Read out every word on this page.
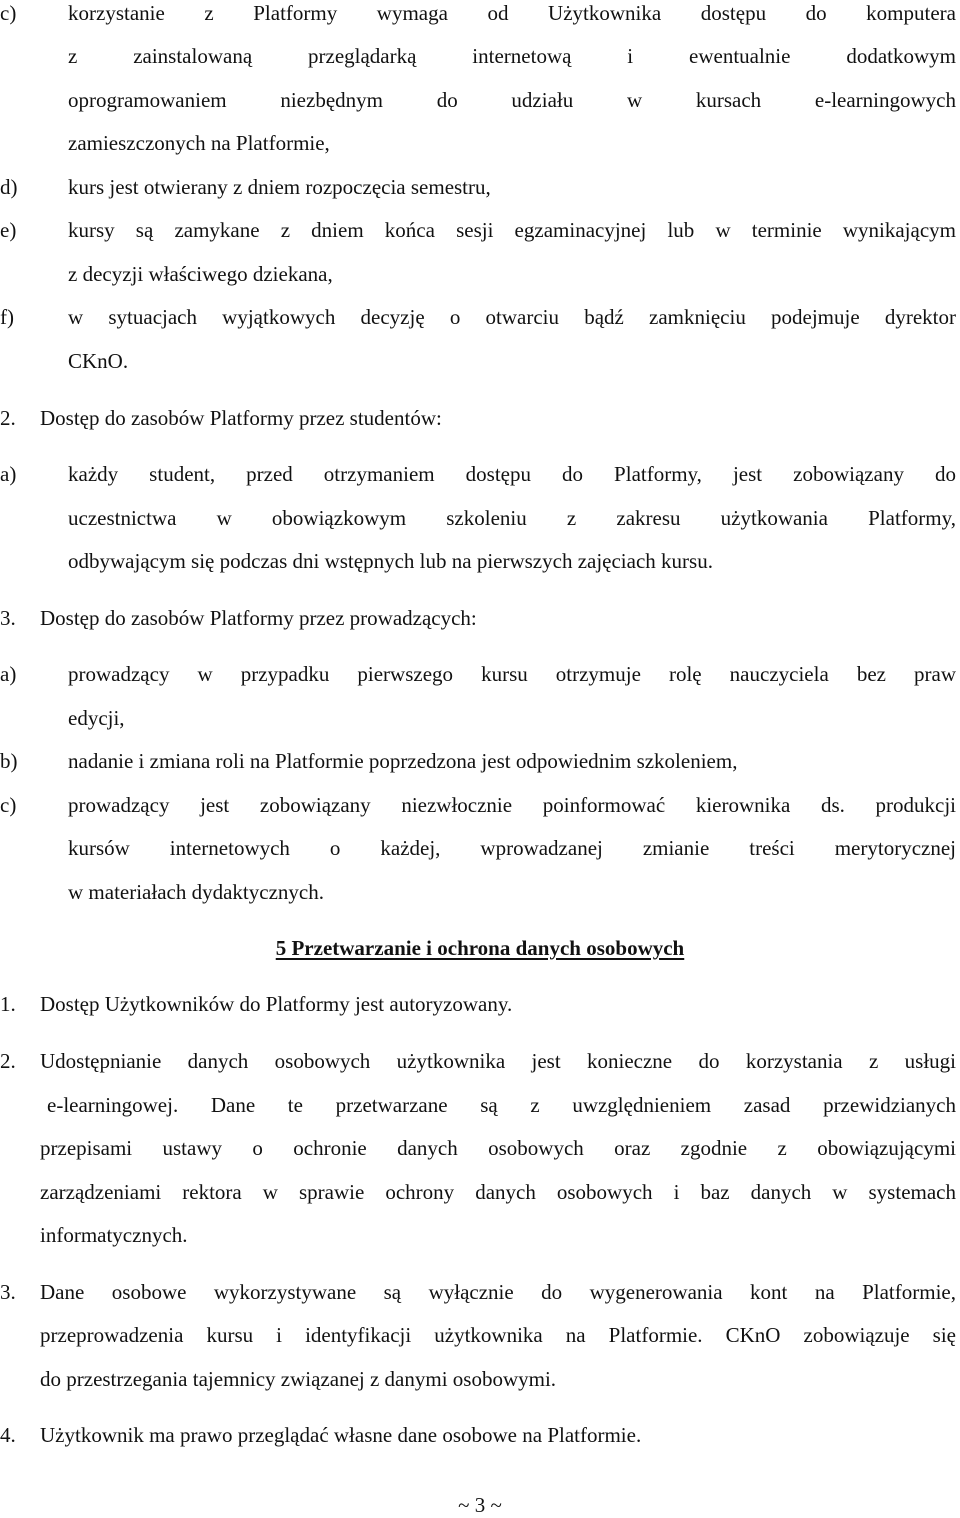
c) korzystanie z Platformy wymaga od Użytkownika dostępu do komputera
z zainstalowaną przeglądarką internetową i ewentualnie dodatkowym
oprogramowaniem niezbędnym do udziału w kursach e-learningowych
zamieszczonych na Platformie,
d) kurs jest otwierany z dniem rozpoczęcia semestru,
e) kursy są zamykane z dniem końca sesji egzaminacyjnej lub w terminie wynikającym
z decyzji właściwego dziekana,
f)	w sytuacjach wyjątkowych decyzję o otwarciu bądź zamknięciu podejmuje dyrektor
CKnO.
2. Dostęp do zasobów Platformy przez studentów:
a) każdy student, przed otrzymaniem dostępu do Platformy, jest zobowiązany do
uczestnictwa w obowiązkowym szkoleniu z zakresu użytkowania Platformy,
odbywającym się podczas dni wstępnych lub na pierwszych zajęciach kursu.
3. Dostęp do zasobów Platformy przez prowadzących:
a) prowadzący w przypadku pierwszego kursu otrzymuje rolę nauczyciela bez praw
edycji,
b) nadanie i zmiana roli na Platformie poprzedzona jest odpowiednim szkoleniem,
c) prowadzący jest zobowiązany niezwłocznie poinformować kierownika ds. produkcji
kursów internetowych o każdej, wprowadzanej zmianie treści merytorycznej
w materiałach dydaktycznych.
5 Przetwarzanie i ochrona danych osobowych
1. Dostęp Użytkowników do Platformy jest autoryzowany.
2. Udostępnianie danych osobowych użytkownika jest konieczne do korzystania z usługi
e-learningowej. Dane te przetwarzane są z uwzględnieniem zasad przewidzianych
przepisami ustawy o ochronie danych osobowych oraz zgodnie z obowiązującymi
zarządzeniami rektora w sprawie ochrony danych osobowych i baz danych w systemach
informatycznych.
3. Dane osobowe wykorzystywane są wyłącznie do wygenerowania kont na Platformie,
przeprowadzenia kursu i identyfikacji użytkownika na Platformie. CKnO zobowiązuje się
do przestrzegania tajemnicy związanej z danymi osobowymi.
4. Użytkownik ma prawo przeglądać własne dane osobowe na Platformie.
~ 3 ~
